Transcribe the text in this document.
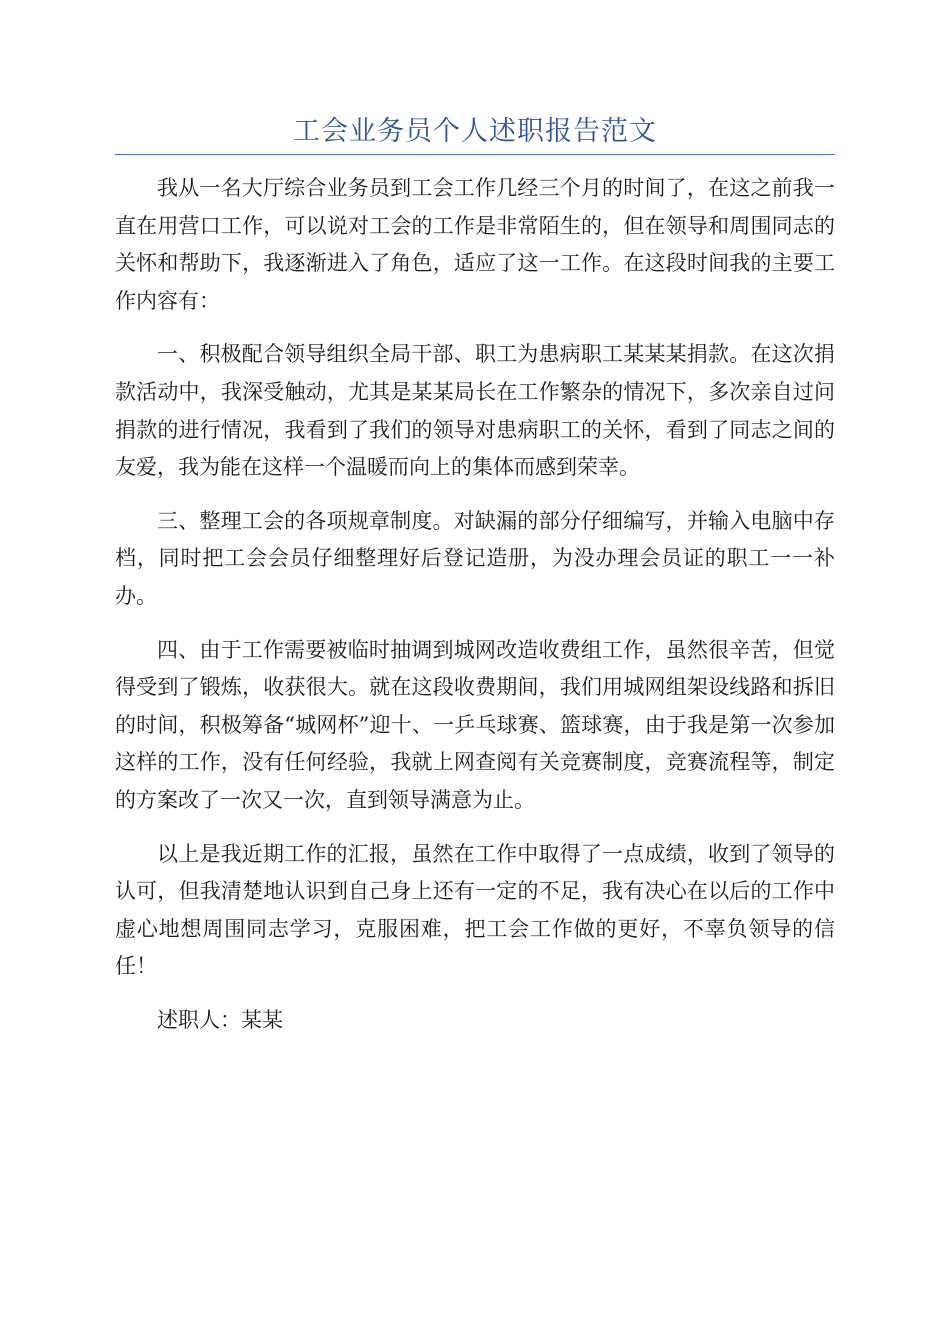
工会业务员个人述职报告范文

我从一名大厅综合业务员到工会工作几经三个月的时间了，在这之前我一直在用营口工作，可以说对工会的工作是非常陌生的，但在领导和周围同志的关怀和帮助下，我逐渐进入了角色，适应了这一工作。在这段时间我的主要工作内容有：

一、积极配合领导组织全局干部、职工为患病职工某某某捐款。在这次捐款活动中，我深受触动，尤其是某某局长在工作繁杂的情况下，多次亲自过问捐款的进行情况，我看到了我们的领导对患病职工的关怀，看到了同志之间的友爱，我为能在这样一个温暖而向上的集体而感到荣幸。

三、整理工会的各项规章制度。对缺漏的部分仔细编写，并输入电脑中存档，同时把工会会员仔细整理好后登记造册，为没办理会员证的职工一一补办。

四、由于工作需要被临时抽调到城网改造收费组工作，虽然很辛苦，但觉得受到了锻炼，收获很大。就在这段收费期间，我们用城网组架设线路和拆旧的时间，积极筹备“城网杯”迎十、一乒乓球赛、篮球赛，由于我是第一次参加这样的工作，没有任何经验，我就上网查阅有关竞赛制度，竞赛流程等，制定的方案改了一次又一次，直到领导满意为止。

以上是我近期工作的汇报，虽然在工作中取得了一点成绩，收到了领导的认可，但我清楚地认识到自己身上还有一定的不足，我有决心在以后的工作中虚心地想周围同志学习，克服困难，把工会工作做的更好，不辜负领导的信任！

述职人：某某
